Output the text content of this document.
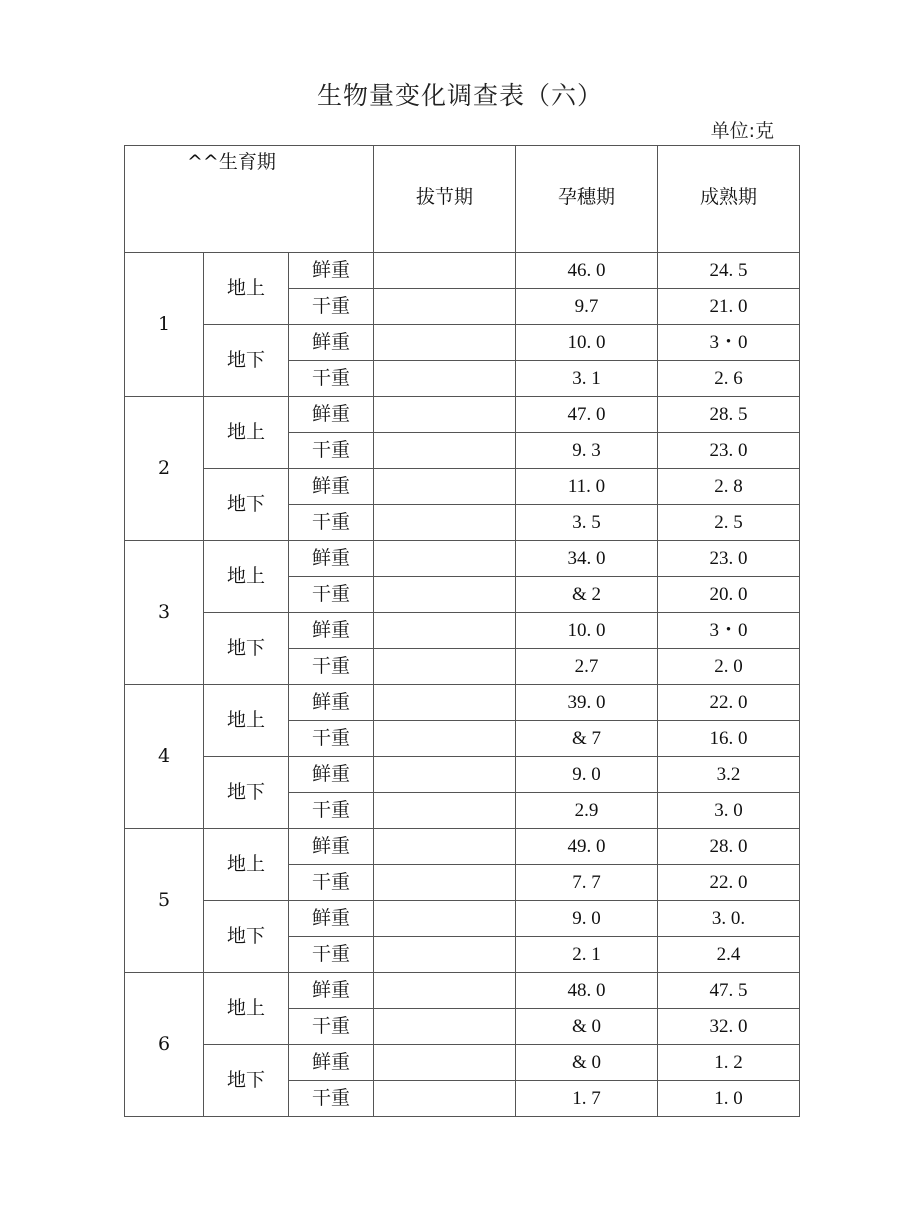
生物量变化调查表（六）
单位:克
^^生育期			拔节期	孕穗期	成熟期
1	地上	鲜重		46. 0	24. 5
		干重		9.7	21. 0
	地下	鲜重		10. 0	3・0
		干重		3. 1	2. 6
2	地上	鲜重		47. 0	28. 5
		干重		9. 3	23. 0
	地下	鲜重		11. 0	2. 8
		干重		3. 5	2. 5
3	地上	鲜重		34. 0	23. 0
		干重		& 2	20. 0
	地下	鲜重		10. 0	3・0
		干重		2.7	2. 0
4	地上	鲜重		39. 0	22. 0
		干重		& 7	16. 0
	地下	鲜重		9. 0	3.2
		干重		2.9	3. 0
5	地上	鲜重		49. 0	28. 0
		干重		7. 7	22. 0
	地下	鲜重		9. 0	3. 0.
		干重		2. 1	2.4
6	地上	鲜重		48. 0	47. 5
		干重		& 0	32. 0
	地下	鲜重		& 0	1. 2
		干重		1. 7	1. 0
